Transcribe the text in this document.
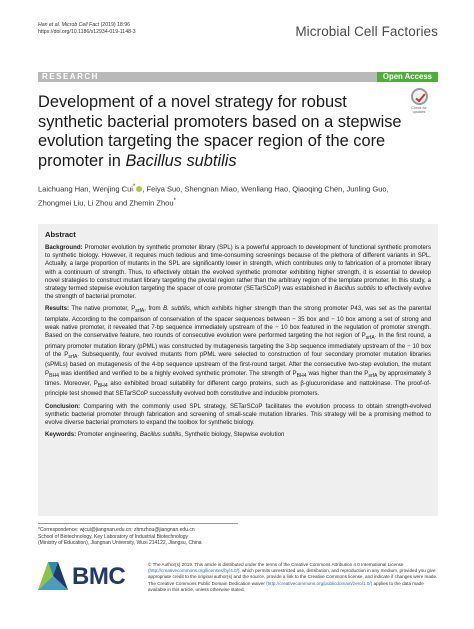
Han et al. Microb Cell Fact (2019) 18:96
https://doi.org/10.1186/s12934-019-1148-3	Microbial Cell Factories
RESEARCH	Open Access
Check for
updates
Development of a novel strategy for robust synthetic bacterial promoters based on a stepwise evolution targeting the spacer region of the core promoter in Bacillus subtilis
Laichuang Han, Wenjing Cui* , Feiya Suo, Shengnan Miao, Wenliang Hao, Qiaoqing Chen, Junling Guo,
Zhongmei Liu, Li Zhou and Zhemin Zhou*
Abstract

Background: Promoter evolution by synthetic promoter library (SPL) is a powerful approach to development of functional synthetic promoters to synthetic biology. However, it requires much tedious and time-consuming screenings because of the plethora of different variants in SPL. Actually, a large proportion of mutants in the SPL are significantly lower in strength, which contributes only to fabrication of a promoter library with a continuum of strength. Thus, to effectively obtain the evolved synthetic promoter exhibiting higher strength, it is essential to develop novel strategies to construct mutant library targeting the pivotal region rather than the arbitrary region of the template promoter. In this study, a strategy termed stepwise evolution targeting the spacer of core promoter (SETarSCoP) was established in Bacillus subtilis to effectively evolve the strength of bacterial promoter.

Results: The native promoter, $P_{srfA}$, from B. subtilis, which exhibits higher strength than the strong promoter P43, was set as the parental template. According to the comparison of conservation of the spacer sequences between − 35 box and − 10 box among a set of strong and weak native promoter, it revealed that 7-bp sequence immediately upstream of the − 10 box featured in the regulation of promoter strength. Based on the conservative feature, two rounds of consecutive evolution were performed targeting the hot region of $P_{srfA}$. In the first round, a primary promoter mutation library (pPML) was constructed by mutagenesis targeting the 3-bp sequence immediately upstream of the − 10 box of the $P_{srfA}$. Subsequently, four evolved mutants from pPML were selected to construction of four secondary promoter mutation libraries (sPMLs) based on mutagenesis of the 4-bp sequence upstream of the first-round target. After the consecutive two-step evolution, the mutant $P_{BH4}$ was identified and verified to be a highly evolved synthetic promoter. The strength of $P_{BH4}$ was higher than the $P_{srfA}$ by approximately 3 times. Moreover, $P_{BH4}$ also exhibited broad suitability for different cargo proteins, such as β-glucuronidase and nattokinase. The proof-of-principle test showed that SETarSCoP successfully evolved both constitutive and inducible promoters.

Conclusion: Comparing with the commonly used SPL strategy, SETarSCoP facilitates the evolution process to obtain strength-evolved synthetic bacterial promoter through fabrication and screening of small-scale mutation libraries. This strategy will be a promising method to evolve diverse bacterial promoters to expand the toolbox for synthetic biology.

Keywords: Promoter engineering, Bacillus subtilis, Synthetic biology, Stepwise evolution

*Correspondence: wjcui@jiangnan.edu.cn; zhmzhou@jiangnan.edu.cn
School of Biotechnology, Key Laboratory of Industrial Biotechnology
(Ministry of Education), Jiangnan University, Wuxi 214122, Jiangsu, China
BMC	© The Author(s) 2019. This article is distributed under the terms of the Creative Commons Attribution 4.0 International License (http://creativecommons.org/licenses/by/4.0/), which permits unrestricted use, distribution, and reproduction in any medium, provided you give appropriate credit to the original author(s) and the source, provide a link to the Creative Commons license, and indicate if changes were made. The Creative Commons Public Domain Dedication waiver (http://creativecommons.org/publicdomain/zero/1.0/) applies to the data made available in this article, unless otherwise stated.
